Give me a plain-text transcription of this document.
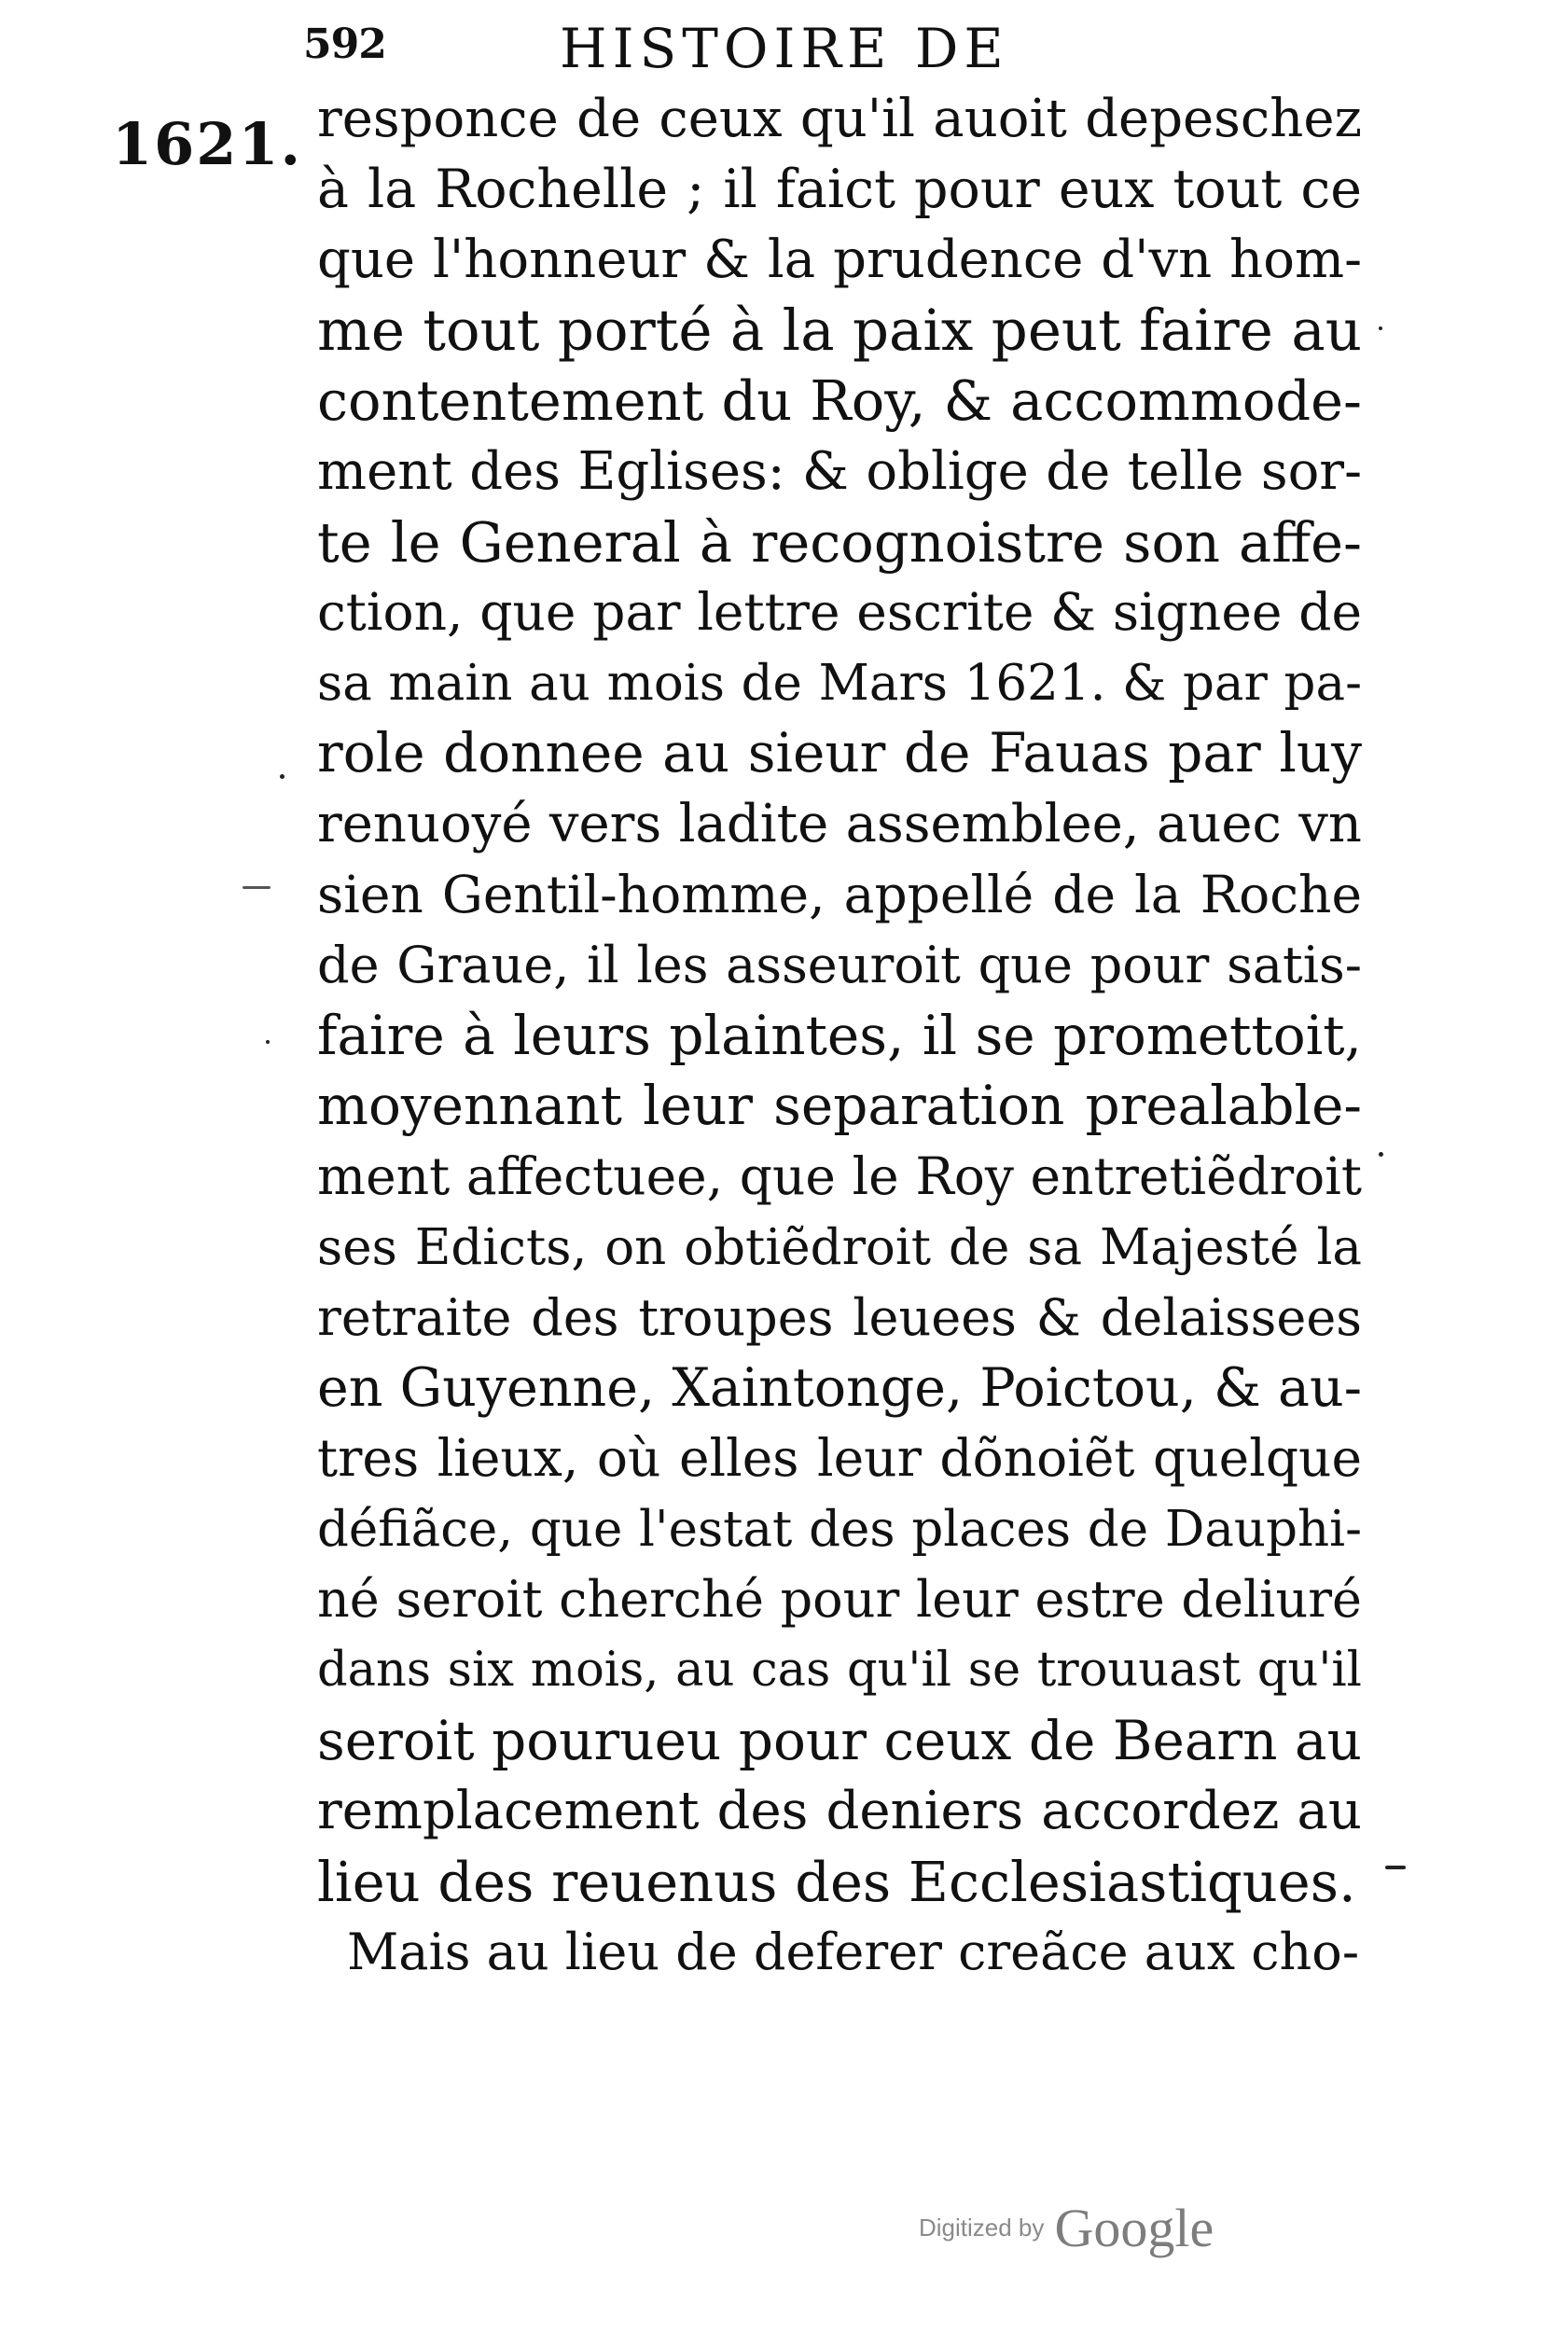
592	HISTOIRE DE
1621. responce de ceux qu'il auoit depeschez
à la Rochelle ; il faict pour eux tout ce
que l'honneur & la prudence d'vn hom-
me tout porté à la paix peut faire au
contentement du Roy, & accommode-
ment des Eglises: & oblige de telle sor-
te le General à recognoistre son affe-
ction, que par lettre escrite & signee de
sa main au mois de Mars 1621. & par pa-
role donnee au sieur de Fauas par luy
renuoyé vers ladite assemblee, auec vn
sien Gentil-homme, appellé de la Roche
de Graue, il les asseuroit que pour satis-
faire à leurs plaintes, il se promettoit,
moyennant leur separation prealable-
ment affectuee, que le Roy entretiẽdroit
ses Edicts, on obtiẽdroit de sa Majesté la
retraite des troupes leuees & delaissees
en Guyenne, Xaintonge, Poictou, & au-
tres lieux, où elles leur dõnoiẽt quelque
défiãce, que l'estat des places de Dauphi-
né seroit cherché pour leur estre deliuré
dans six mois, au cas qu'il se trouuast qu'il
seroit pourueu pour ceux de Bearn au
remplacement des deniers accordez au
lieu des reuenus des Ecclesiastiques.
Mais au lieu de deferer creãce aux cho-
Digitized by Google
